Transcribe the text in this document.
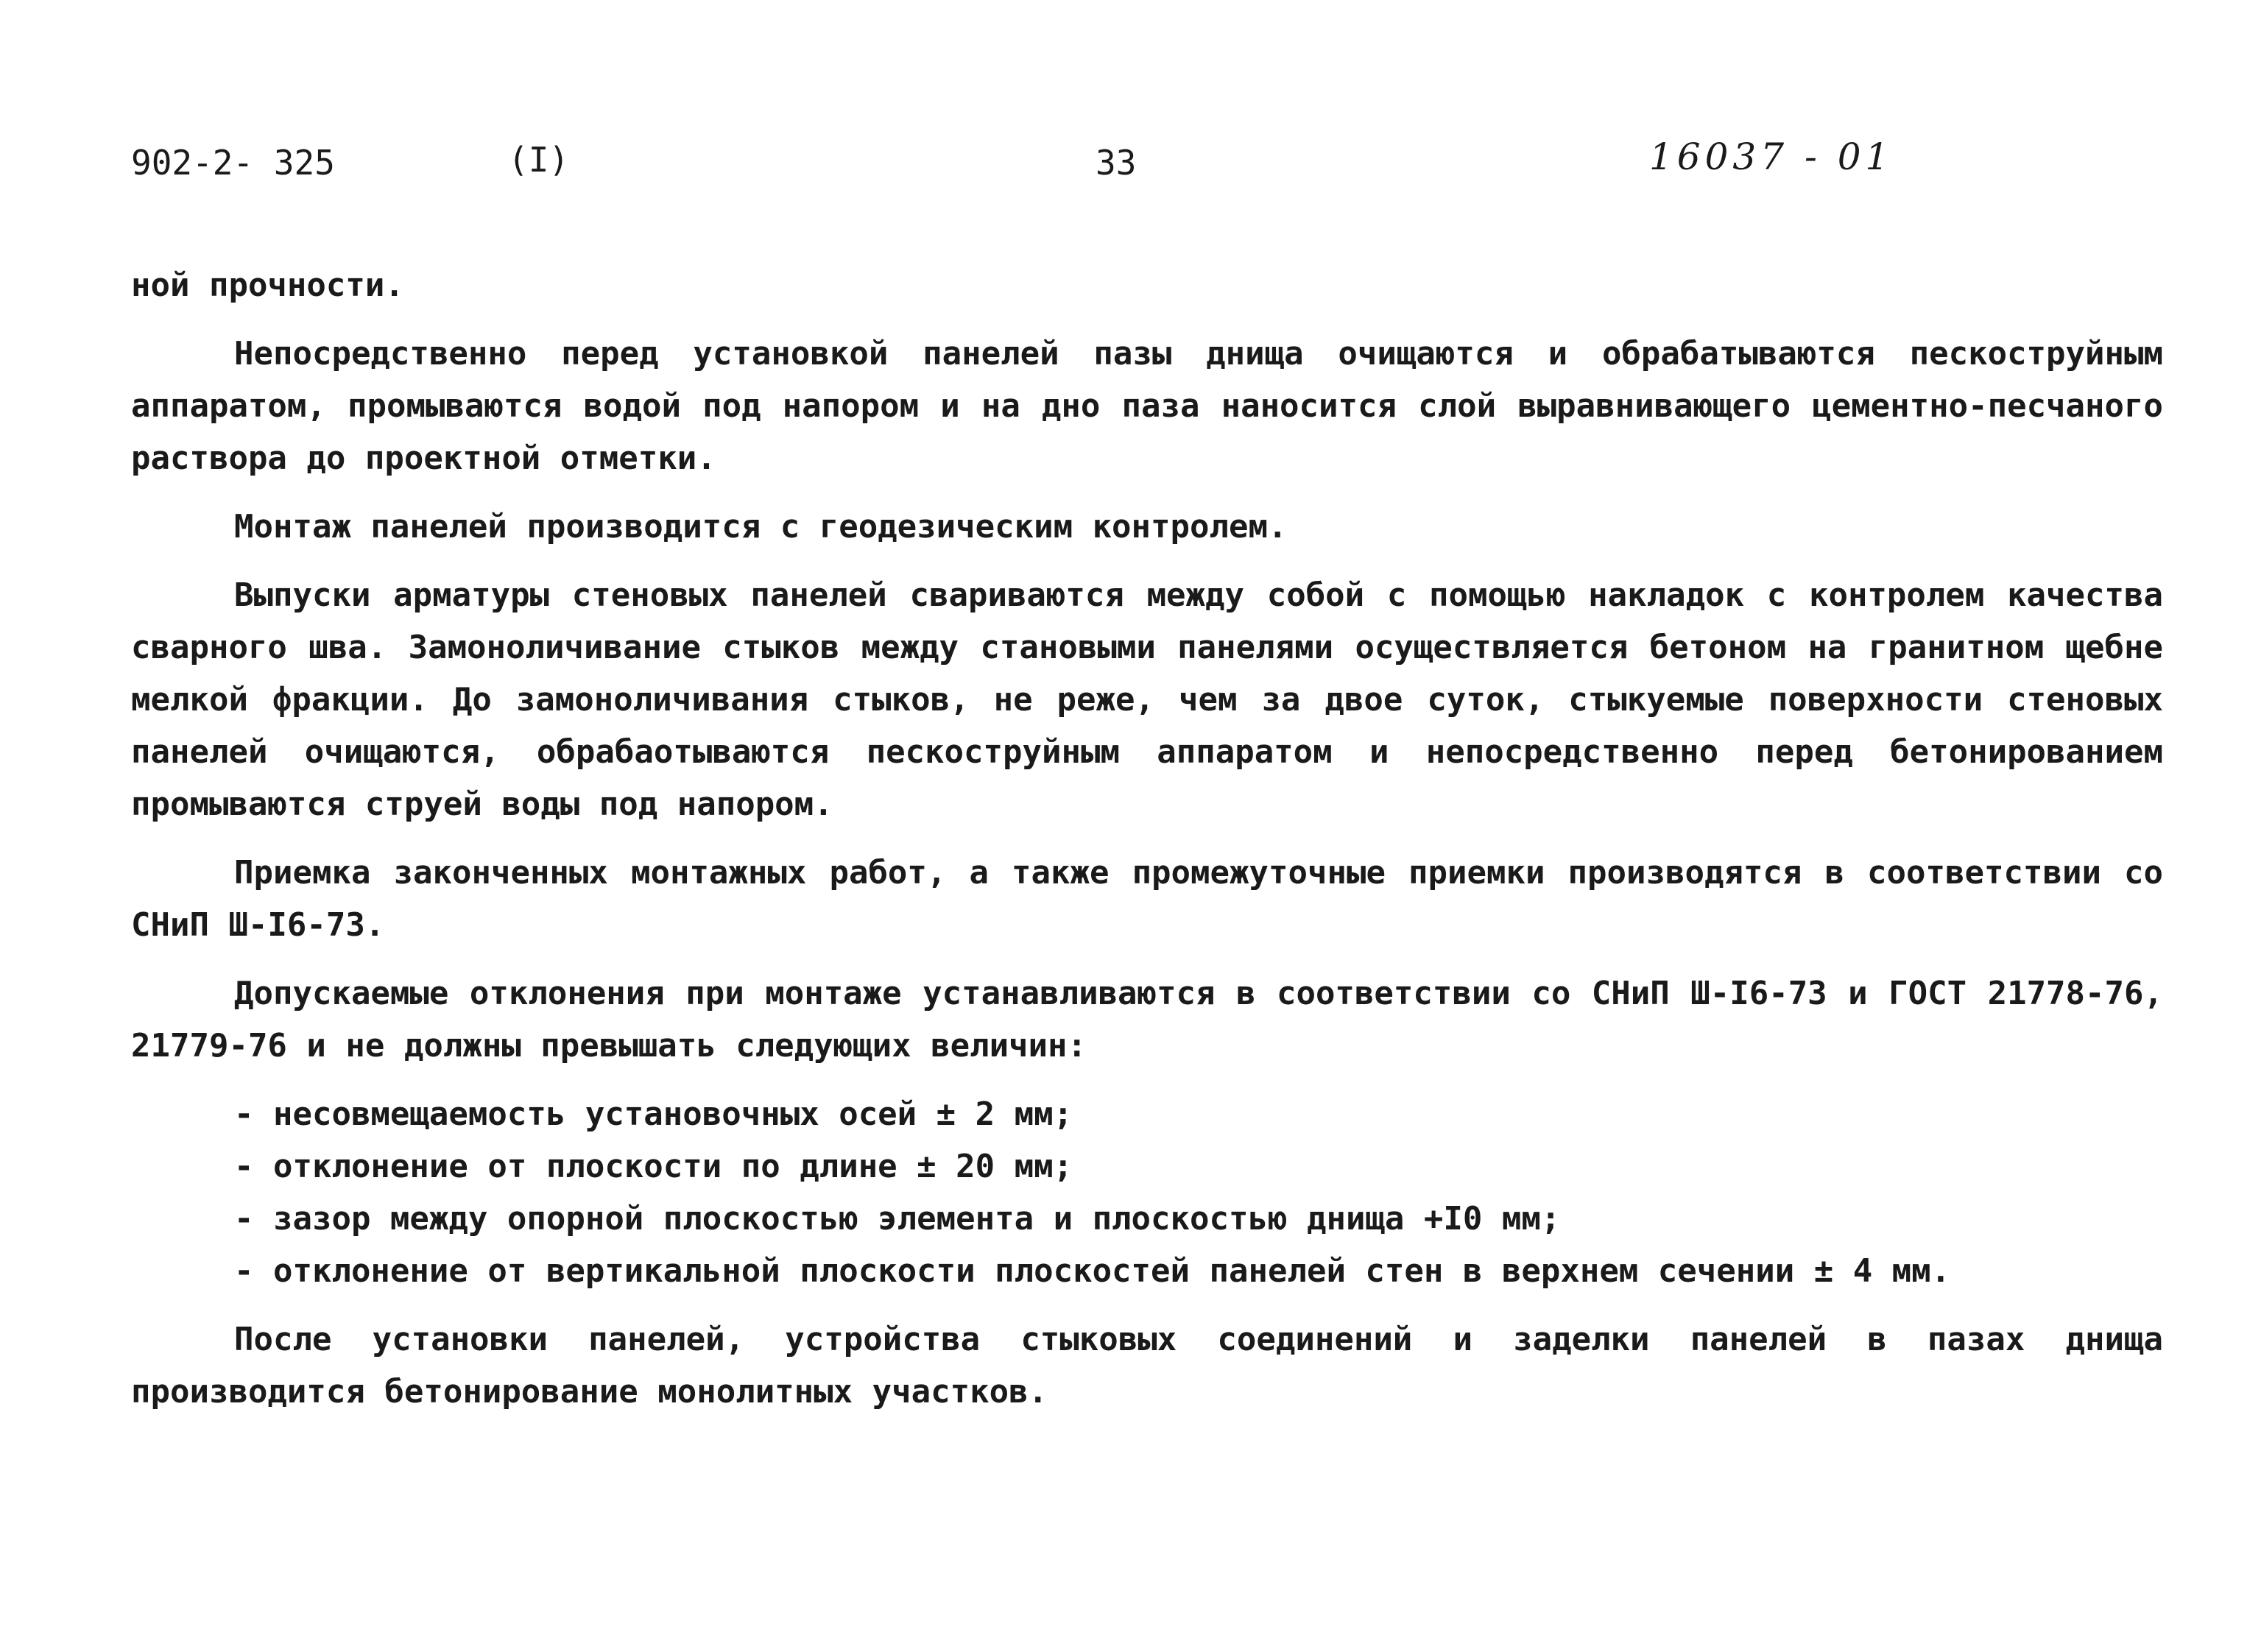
902-2- 325	(I)	33	16037 - 01

ной прочности.

Непосредственно перед установкой панелей пазы днища очищаются и обрабатываются пескоструйным аппаратом, промываются водой под напором и на дно паза наносится слой выравнивающего цементно-песчаного раствора до проектной отметки.

Монтаж панелей производится с геодезическим контролем.

Выпуски арматуры стеновых панелей свариваются между собой с помощью накладок с контролем качества сварного шва. Замоноличивание стыков между становыми панелями осуществляется бетоном на гранитном щебне мелкой фракции. До замоноличивания стыков, не реже, чем за двое суток, стыкуемые поверхности стеновых панелей очищаются, обрабаотываются пескоструйным аппаратом и непосредственно перед бетонированием промываются струей воды под напором.

Приемка законченных монтажных работ, а также промежуточные приемки производятся в соответствии со СНиП Ш-I6-73.

Допускаемые отклонения при монтаже устанавливаются в соответствии со СНиП Ш-I6-73 и ГОСТ 21778-76, 21779-76 и не должны превышать следующих величин:

- несовмещаемость установочных осей ± 2 мм;
- отклонение от плоскости по длине ± 20 мм;
- зазор между опорной плоскостью элемента и плоскостью днища +I0 мм;
- отклонение от вертикальной плоскости плоскостей панелей стен в верхнем сечении ± 4 мм.

После установки панелей, устройства стыковых соединений и заделки панелей в пазах днища производится бетонирование монолитных участков.
